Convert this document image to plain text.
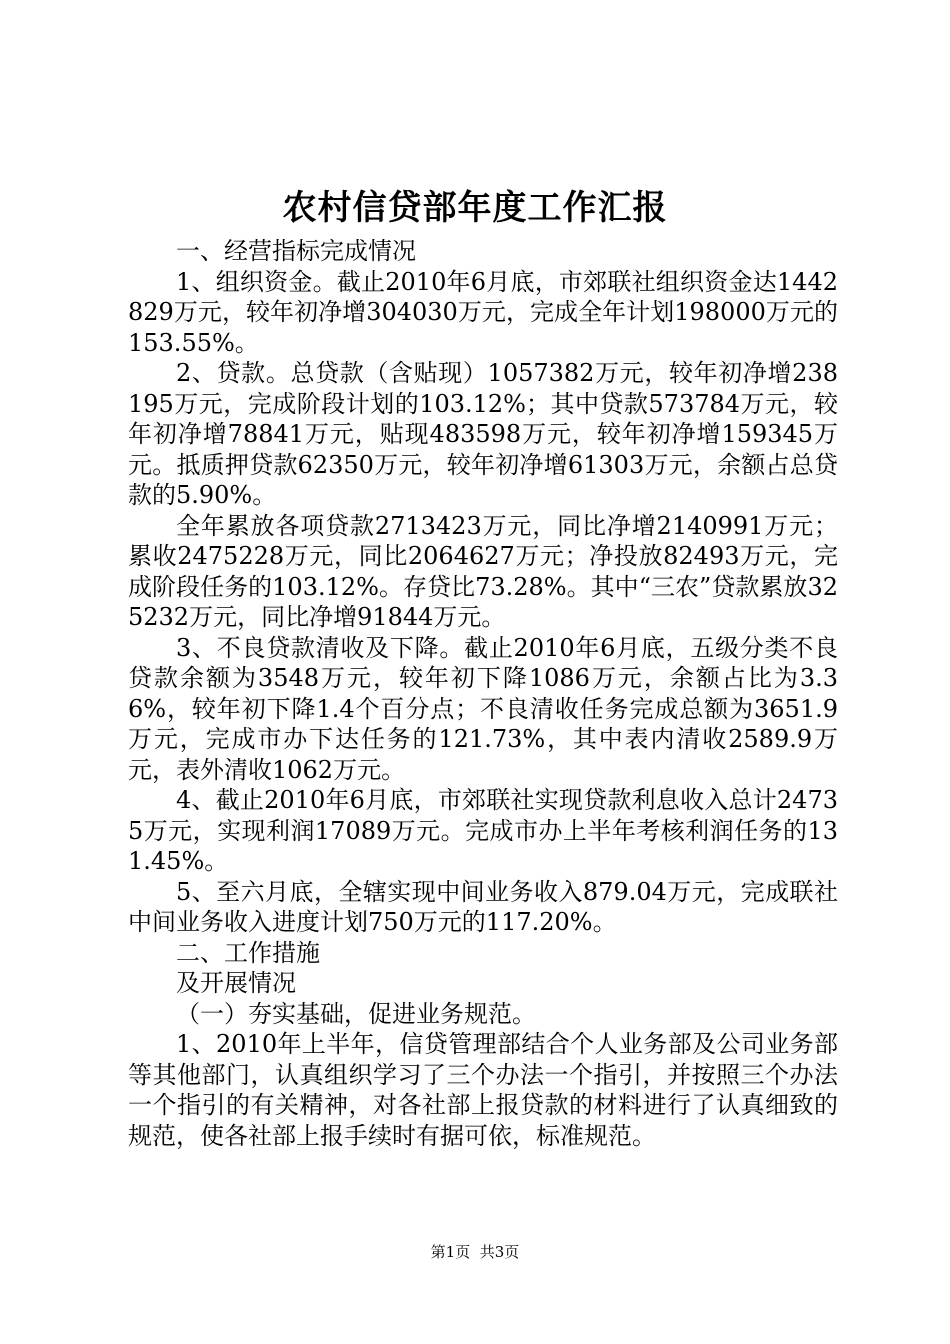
农村信贷部年度工作汇报

一、经营指标完成情况

1、组织资金。截止2010年6月底，市郊联社组织资金达1442829万元，较年初净增304030万元，完成全年计划198000万元的153.55%。

2、贷款。总贷款（含贴现）1057382万元，较年初净增238195万元，完成阶段计划的103.12%；其中贷款573784万元，较年初净增78841万元，贴现483598万元，较年初净增159345万元。抵质押贷款62350万元，较年初净增61303万元，余额占总贷款的5.90%。

全年累放各项贷款2713423万元，同比净增2140991万元；累收2475228万元，同比2064627万元；净投放82493万元，完成阶段任务的103.12%。存贷比73.28%。其中“三农”贷款累放325232万元，同比净增91844万元。

3、不良贷款清收及下降。截止2010年6月底，五级分类不良贷款余额为3548万元，较年初下降1086万元，余额占比为3.36%，较年初下降1.4个百分点；不良清收任务完成总额为3651.9万元，完成市办下达任务的121.73%，其中表内清收2589.9万元，表外清收1062万元。

4、截止2010年6月底，市郊联社实现贷款利息收入总计24735万元，实现利润17089万元。完成市办上半年考核利润任务的131.45%。

5、至六月底，全辖实现中间业务收入879.04万元，完成联社中间业务收入进度计划750万元的117.20%。

二、工作措施

及开展情况

（一）夯实基础，促进业务规范。

1、2010年上半年，信贷管理部结合个人业务部及公司业务部等其他部门，认真组织学习了三个办法一个指引，并按照三个办法一个指引的有关精神，对各社部上报贷款的材料进行了认真细致的规范，使各社部上报手续时有据可依，标准规范。

第1页 共3页
